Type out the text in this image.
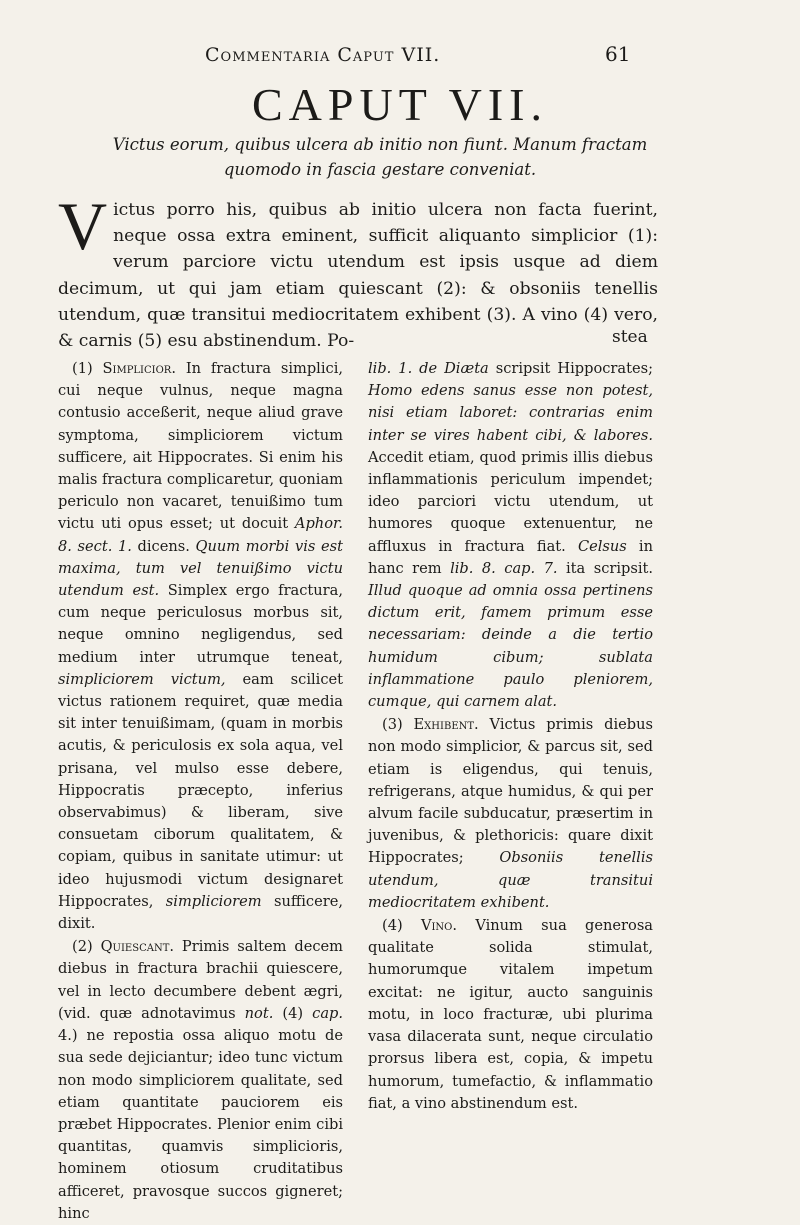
Commentaria Caput VII.	61
CAPUT VII.
Victus eorum, quibus ulcera ab initio non fiunt. Manum fractam quomodo in fascia gestare conveniat.
Victus porro his, quibus ab initio ulcera non facta fuerint, neque ossa extra eminent, sufficit aliquanto simplicior (1): verum parciore victu utendum est ipsis usque ad diem decimum, ut qui jam etiam quiescant (2): & obsoniis tenellis utendum, quæ transitui mediocritatem exhibent (3). A vino (4) vero, & carnis (5) esu abstinendum. Po-	stea

(1) Simplicior. In fractura simplici, cui neque vulnus, neque magna contusio acceßerit, neque aliud grave symptoma, simpliciorem victum sufficere, ait Hippocrates. Si enim his malis fractura complicaretur, quoniam periculo non vacaret, tenuißimo tum victu uti opus esset; ut docuit Aphor. 8. sect. 1. dicens. Quum morbi vis est maxima, tum vel tenuißimo victu utendum est. Simplex ergo fractura, cum neque periculosus morbus sit, neque omnino negligendus, sed medium inter utrumque teneat, simpliciorem victum, eam scilicet victus rationem requiret, quæ media sit inter tenuißimam, (quam in morbis acutis, & periculosis ex sola aqua, vel prisana, vel mulso esse debere, Hippocratis præcepto, inferius observabimus) & liberam, sive consuetam ciborum qualitatem, & copiam, quibus in sanitate utimur: ut ideo hujusmodi victum designaret Hippocrates, simpliciorem sufficere, dixit.

(2) Quiescant. Primis saltem decem diebus in fractura brachii quiescere, vel in lecto decumbere debent ægri, (vid. quæ adnotavimus not. (4) cap. 4.) ne repostia ossa aliquo motu de sua sede dejiciantur; ideo tunc victum non modo simpliciorem qualitate, sed etiam quantitate pauciorem eis præbet Hippocrates. Plenior enim cibi quantitas, quamvis simplicioris, hominem otiosum cruditatibus afficeret, pravosque succos gigneret; hinc

lib. 1. de Diæta scripsit Hippocrates; Homo edens sanus esse non potest, nisi etiam laboret: contrarias enim inter se vires habent cibi, & labores. Accedit etiam, quod primis illis diebus inflammationis periculum impendet; ideo parciori victu utendum, ut humores quoque extenuentur, ne affluxus in fractura fiat. Celsus in hanc rem lib. 8. cap. 7. ita scripsit. Illud quoque ad omnia ossa pertinens dictum erit, famem primum esse necessariam: deinde a die tertio humidum cibum; sublata inflammatione paulo pleniorem, cumque, qui carnem alat.

(3) Exhibent. Victus primis diebus non modo simplicior, & parcus sit, sed etiam is eligendus, qui tenuis, refrigerans, atque humidus, & qui per alvum facile subducatur, præsertim in juvenibus, & plethoricis: quare dixit Hippocrates; Obsoniis tenellis utendum, quæ transitui mediocritatem exhibent.

(4) Vino. Vinum sua generosa qualitate solida stimulat, humorumque vitalem impetum excitat: ne igitur, aucto sanguinis motu, in loco fracturæ, ubi plurima vasa dilacerata sunt, neque circulatio prorsus libera est, copia, & impetu humorum, tumefactio, & inflammatio fiat, a vino abstinendum est.
